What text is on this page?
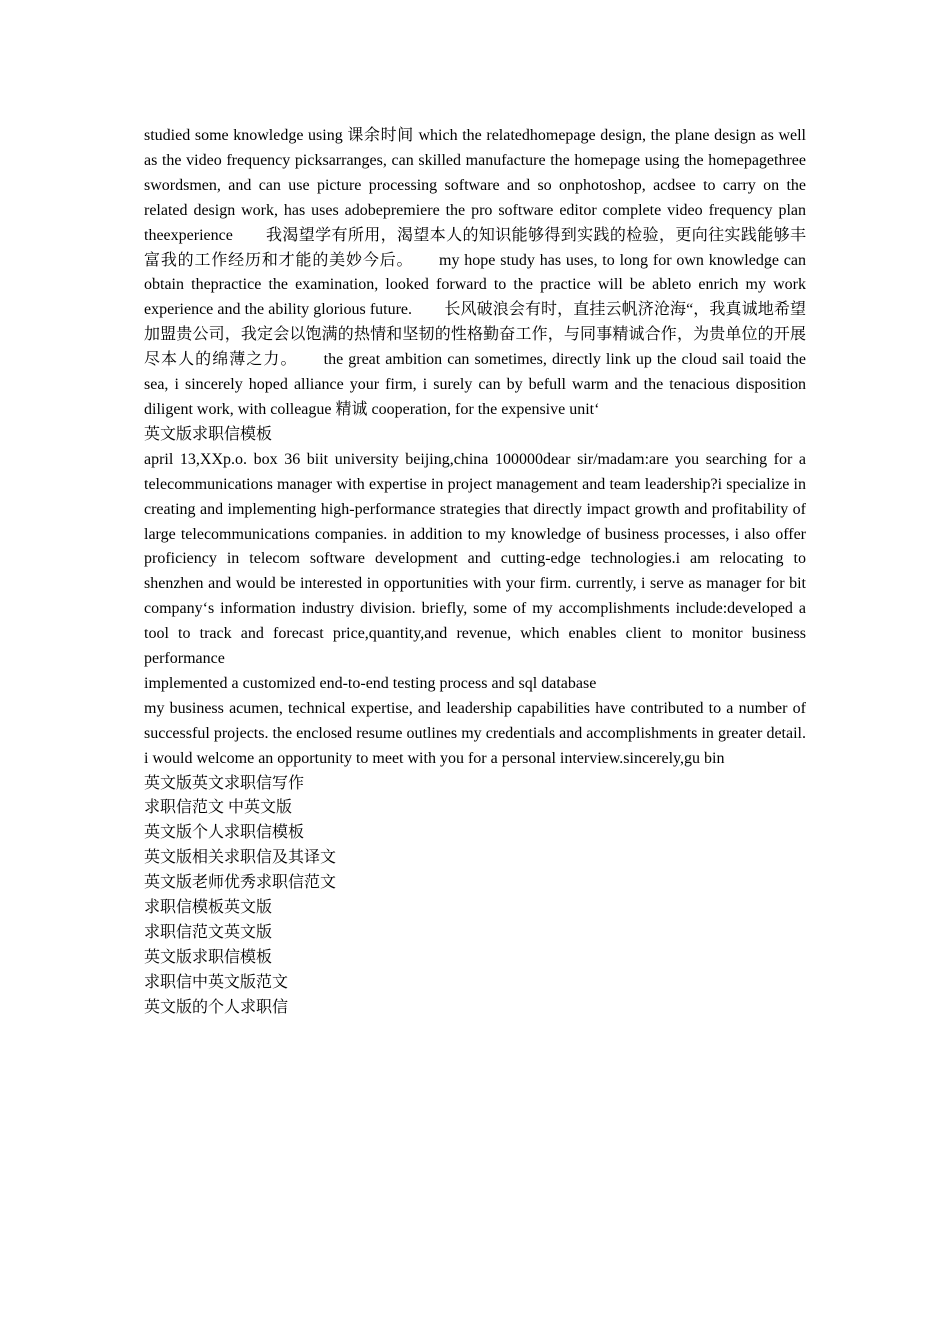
studied some knowledge using 课余时间 which the relatedhomepage design, the plane design as well as the video frequency picksarranges, can skilled manufacture the homepage using the homepagethree swordsmen, and can use picture processing software and so onphotoshop, acdsee to carry on the related design work, has uses adobepremiere the pro software editor complete video frequency plan theexperience　　我渴望学有所用，渴望本人的知识能够得到实践的检验，更向往实践能够丰富我的工作经历和才能的美妙今后。　　my hope study has uses, to long for own knowledge can obtain thepractice the examination, looked forward to the practice will be ableto enrich my work experience and the ability glorious future.　　长风破浪会有时，直挂云帆济沧海“，我真诚地希望加盟贵公司，我定会以饱满的热情和坚韧的性格勤奋工作，与同事精诚合作，为贵单位的开展尽本人的绵薄之力。　　the great ambition can sometimes, directly link up the cloud sail toaid the sea, i sincerely hoped alliance your firm, i surely can by befull warm and the tenacious disposition diligent work, with colleague 精诚 cooperation, for the expensive unit‘

英文版求职信模板

april 13,XXp.o. box 36 biit university beijing,china 100000dear sir/madam:are you searching for a telecommunications manager with expertise in project management and team leadership?i specialize in creating and implementing high-performance strategies that directly impact growth and profitability of large telecommunications companies. in addition to my knowledge of business processes, i also offer proficiency in telecom software development and cutting-edge technologies.i am relocating to shenzhen and would be interested in opportunities with your firm. currently, i serve as manager for bit company‘s information industry division. briefly, some of my accomplishments include:developed a tool to track and forecast price,quantity,and revenue, which enables client to monitor business performance

implemented a customized end-to-end testing process and sql database

my business acumen, technical expertise, and leadership capabilities have contributed to a number of successful projects. the enclosed resume outlines my credentials and accomplishments in greater detail. i would welcome an opportunity to meet with you for a personal interview.sincerely,gu bin

英文版英文求职信写作

求职信范文 中英文版

英文版个人求职信模板

英文版相关求职信及其译文

英文版老师优秀求职信范文

求职信模板英文版

求职信范文英文版

英文版求职信模板

求职信中英文版范文

英文版的个人求职信
